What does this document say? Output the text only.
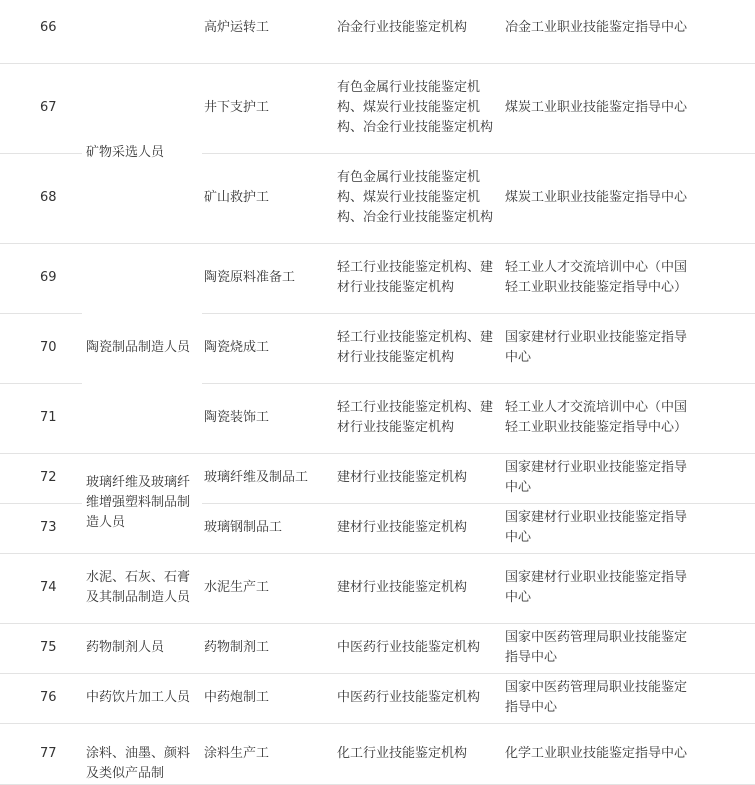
66		高炉运转工	冶金行业技能鉴定机构	冶金工业职业技能鉴定指导中心
67	矿物采选人员	井下支护工	有色金属行业技能鉴定机构、煤炭行业技能鉴定机构、冶金行业技能鉴定机构	煤炭工业职业技能鉴定指导中心
68		矿山救护工	有色金属行业技能鉴定机构、煤炭行业技能鉴定机构、冶金行业技能鉴定机构	煤炭工业职业技能鉴定指导中心
69	陶瓷制品制造人员	陶瓷原料准备工	轻工行业技能鉴定机构、建材行业技能鉴定机构	轻工业人才交流培训中心（中国轻工业职业技能鉴定指导中心）
70		陶瓷烧成工	轻工行业技能鉴定机构、建材行业技能鉴定机构	国家建材行业职业技能鉴定指导中心
71		陶瓷装饰工	轻工行业技能鉴定机构、建材行业技能鉴定机构	轻工业人才交流培训中心（中国轻工业职业技能鉴定指导中心）
72	玻璃纤维及玻璃纤维增强塑料制品制造人员	玻璃纤维及制品工	建材行业技能鉴定机构	国家建材行业职业技能鉴定指导中心
73		玻璃钢制品工	建材行业技能鉴定机构	国家建材行业职业技能鉴定指导中心
74	水泥、石灰、石膏及其制品制造人员	水泥生产工	建材行业技能鉴定机构	国家建材行业职业技能鉴定指导中心
75	药物制剂人员	药物制剂工	中医药行业技能鉴定机构	国家中医药管理局职业技能鉴定指导中心
76	中药饮片加工人员	中药炮制工	中医药行业技能鉴定机构	国家中医药管理局职业技能鉴定指导中心
77	涂料、油墨、颜料及类似产品制	涂料生产工	化工行业技能鉴定机构	化学工业职业技能鉴定指导中心
